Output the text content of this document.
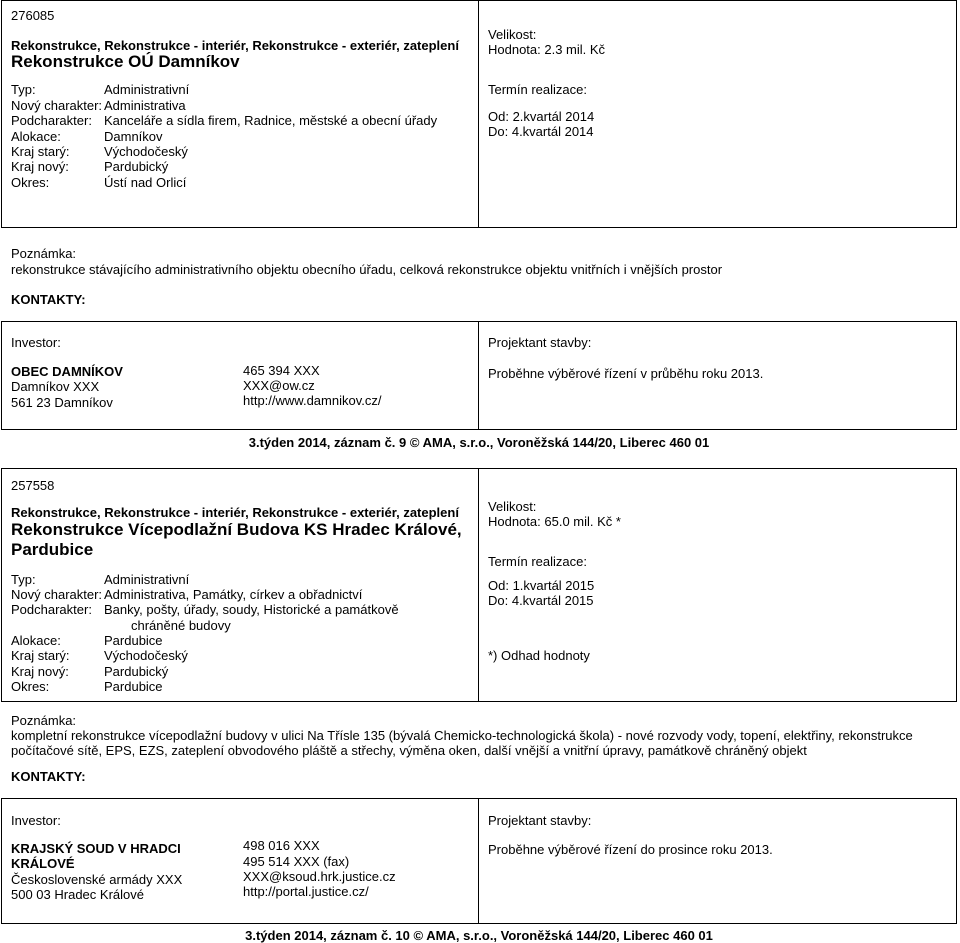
276085
Rekonstrukce, Rekonstrukce - interiér, Rekonstrukce - exteriér, zateplení
Rekonstrukce OÚ Damníkov
Typ:	Administrativní
Nový charakter: Administrativa
Podcharakter: Kanceláře a sídla firem, Radnice, městské a obecní úřady
Alokace:	Damníkov
Kraj starý:	Východočeský
Kraj nový:	Pardubický
Okres:	Ústí nad Orlicí
Velikost:
Hodnota: 2.3 mil. Kč
Termín realizace:
Od: 2.kvartál 2014
Do: 4.kvartál 2014
Poznámka:
rekonstrukce stávajícího administrativního objektu obecního úřadu, celková rekonstrukce objektu vnitřních i vnějších prostor
KONTAKTY:
Investor:
OBEC DAMNÍKOV
Damníkov XXX
561 23 Damníkov
465 394 XXX
XXX@ow.cz
http://www.damnikov.cz/
Projektant stavby:
Proběhne výběrové řízení v průběhu roku 2013.
3.týden 2014, záznam č. 9 © AMA, s.r.o., Voroněžská 144/20, Liberec 460 01
257558
Rekonstrukce, Rekonstrukce - interiér, Rekonstrukce - exteriér, zateplení
Rekonstrukce Vícepodlažní Budova KS Hradec Králové,
Pardubice
Typ:	Administrativní
Nový charakter: Administrativa, Památky, církev a obřadnictví
Podcharakter: Banky, pošty, úřady, soudy, Historické a památkově
chráněné budovy
Alokace:	Pardubice
Kraj starý:	Východočeský
Kraj nový:	Pardubický
Okres:	Pardubice
Velikost:
Hodnota: 65.0 mil. Kč *
Termín realizace:
Od: 1.kvartál 2015
Do: 4.kvartál 2015
*) Odhad hodnoty
Poznámka:
kompletní rekonstrukce vícepodlažní budovy v ulici Na Třísle 135 (bývalá Chemicko-technologická škola) - nové rozvody vody, topení, elektřiny, rekonstrukce
počítačové sítě, EPS, EZS, zateplení obvodového pláště a střechy, výměna oken, další vnější a vnitřní úpravy, památkově chráněný objekt
KONTAKTY:
Investor:
KRAJSKÝ SOUD V HRADCI
KRÁLOVÉ
Československé armády XXX
500 03 Hradec Králové
498 016 XXX
495 514 XXX (fax)
XXX@ksoud.hrk.justice.cz
http://portal.justice.cz/
Projektant stavby:
Proběhne výběrové řízení do prosince roku 2013.
3.týden 2014, záznam č. 10 © AMA, s.r.o., Voroněžská 144/20, Liberec 460 01
